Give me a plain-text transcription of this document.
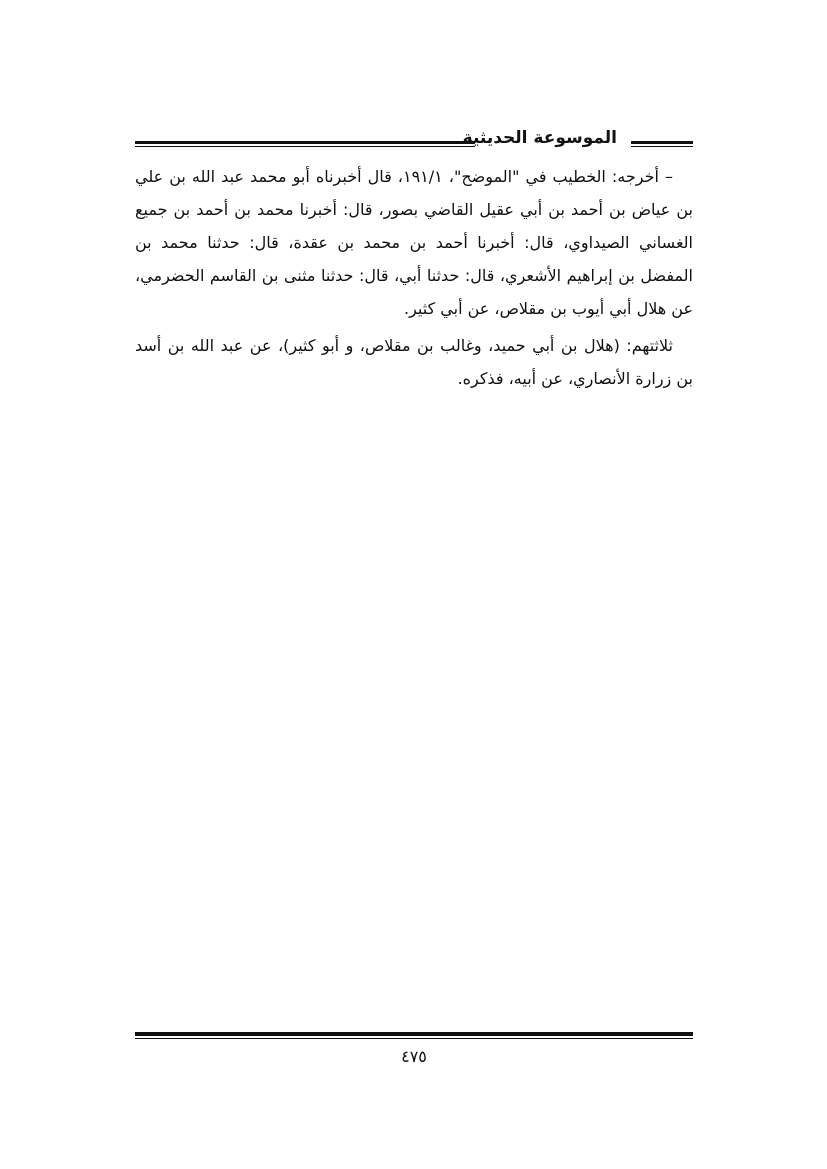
الموسوعة الحديثية

– أخرجه: الخطيب في "الموضح"، ١٩١/١، قال أخبرناه أبو محمد عبد الله بن علي بن عياض بن أحمد بن أبي عقيل القاضي بصور، قال: أخبرنا محمد بن أحمد بن جميع الغساني الصيداوي، قال: أخبرنا أحمد بن محمد بن عقدة، قال: حدثنا محمد بن المفضل بن إبراهيم الأشعري، قال: حدثنا أبي، قال: حدثنا مثنى بن القاسم الحضرمي، عن هلال أبي أيوب بن مقلاص، عن أبي كثير.

ثلاثتهم: (هلال بن أبي حميد، وغالب بن مقلاص، و أبو كثير)، عن عبد الله بن أسد بن زرارة الأنصاري، عن أبيه، فذكره.

٤٧٥
